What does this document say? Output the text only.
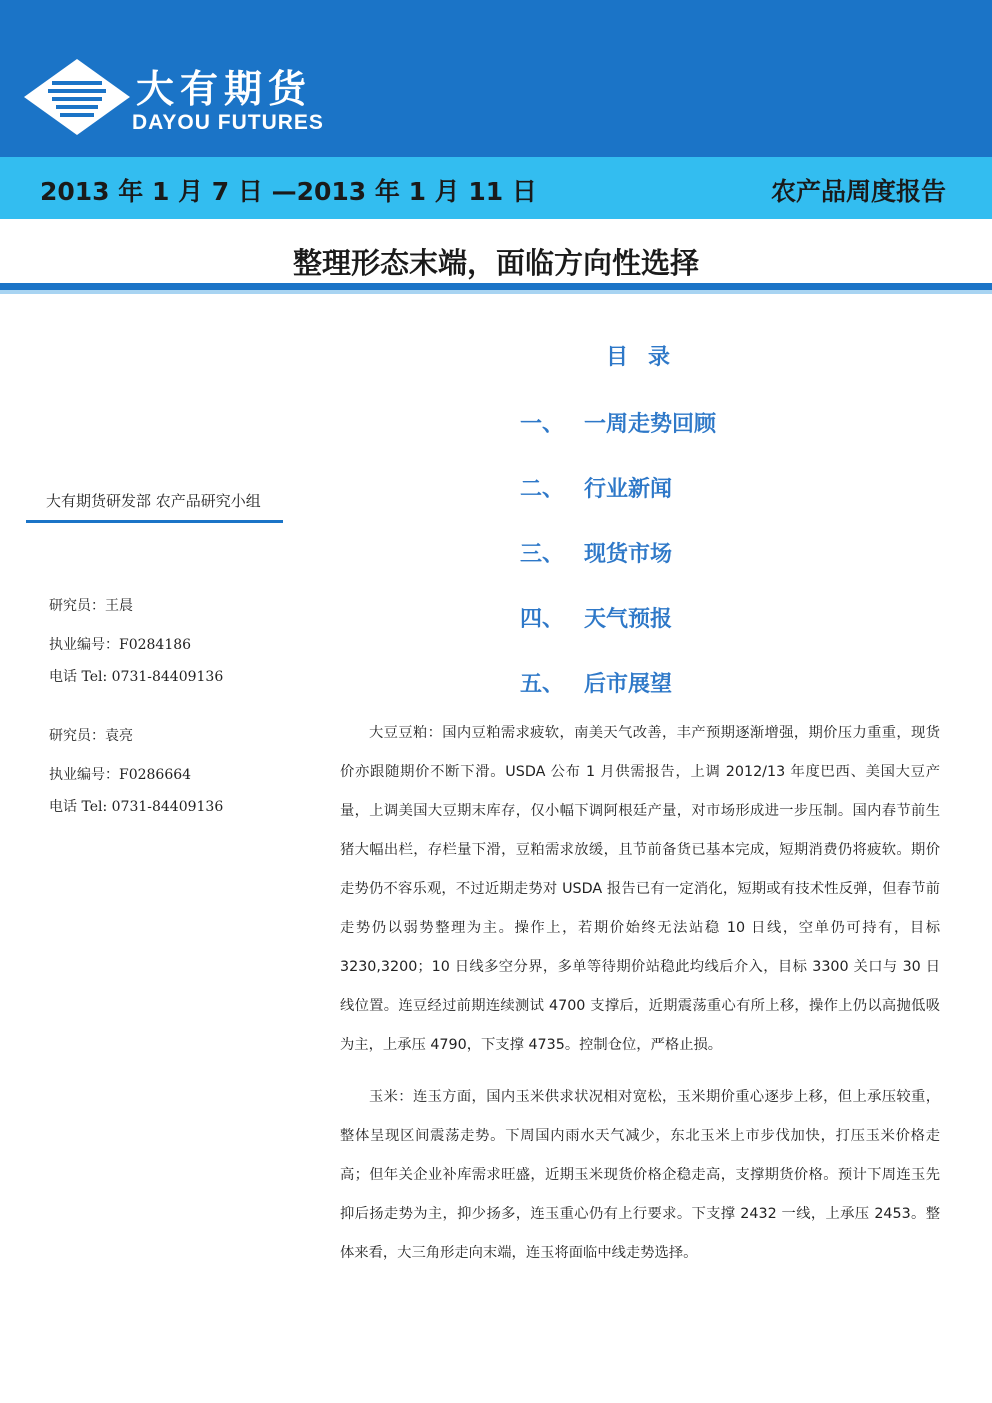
大有期货
DAYOU FUTURES
2013 年 1 月 7 日 —2013 年 1 月 11 日	农产品周度报告
整理形态末端，面临方向性选择
目录
一、 一周走势回顾
二、 行业新闻
三、 现货市场
四、 天气预报
五、 后市展望
大有期货研发部 农产品研究小组
研究员：王晨
执业编号：F0284186
电话 Tel: 0731-84409136
研究员：袁亮
执业编号：F0286664
电话 Tel: 0731-84409136

大豆豆粕：国内豆粕需求疲软，南美天气改善，丰产预期逐渐增强，期价压力重重，现货价亦跟随期价不断下滑。USDA 公布 1 月供需报告，上调 2012/13 年度巴西、美国大豆产量，上调美国大豆期末库存，仅小幅下调阿根廷产量，对市场形成进一步压制。国内春节前生猪大幅出栏，存栏量下滑，豆粕需求放缓，且节前备货已基本完成，短期消费仍将疲软。期价走势仍不容乐观，不过近期走势对 USDA 报告已有一定消化，短期或有技术性反弹，但春节前走势仍以弱势整理为主。操作上，若期价始终无法站稳 10 日线，空单仍可持有，目标 3230,3200；10 日线多空分界，多单等待期价站稳此均线后介入，目标 3300 关口与 30 日线位置。连豆经过前期连续测试 4700 支撑后，近期震荡重心有所上移，操作上仍以高抛低吸为主，上承压 4790，下支撑 4735。控制仓位，严格止损。

玉米：连玉方面，国内玉米供求状况相对宽松，玉米期价重心逐步上移，但上承压较重，整体呈现区间震荡走势。下周国内雨水天气减少，东北玉米上市步伐加快，打压玉米价格走高；但年关企业补库需求旺盛，近期玉米现货价格企稳走高，支撑期货价格。预计下周连玉先抑后扬走势为主，抑少扬多，连玉重心仍有上行要求。下支撑 2432 一线，上承压 2453。整体来看，大三角形走向末端，连玉将面临中线走势选择。
